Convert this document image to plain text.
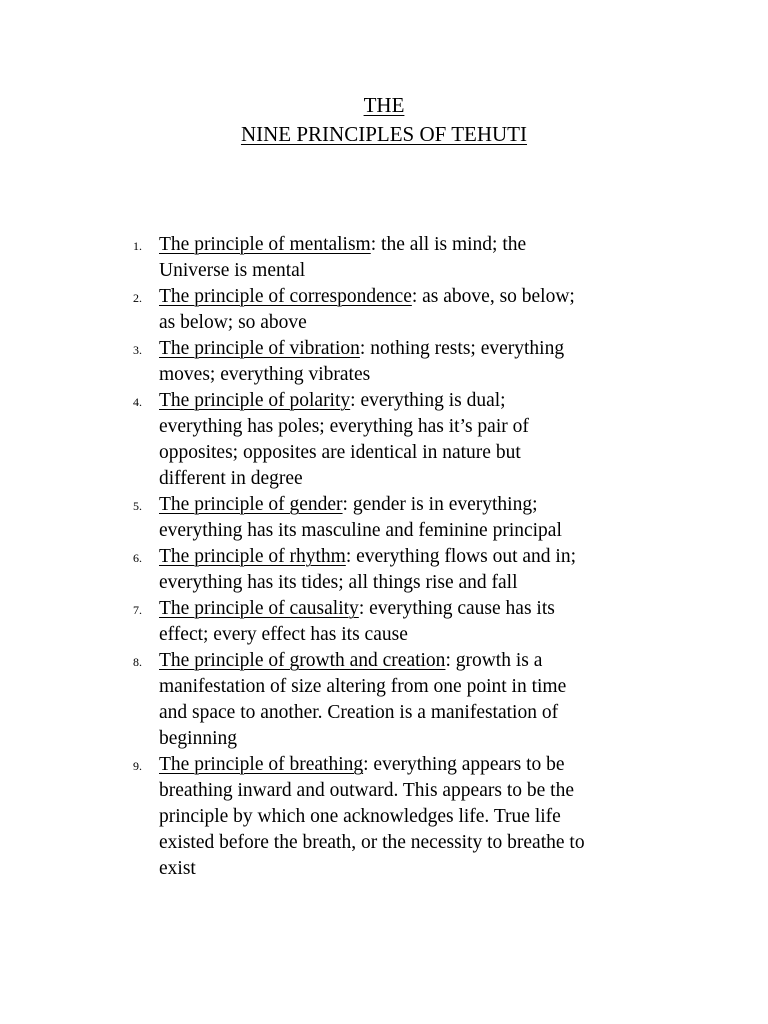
THE
NINE PRINCIPLES OF TEHUTI
1. The principle of mentalism: the all is mind; the
Universe is mental
2. The principle of correspondence: as above, so below;
as below; so above
3. The principle of vibration: nothing rests; everything
moves; everything vibrates
4. The principle of polarity: everything is dual;
everything has poles; everything has it’s pair of
opposites; opposites are identical in nature but
different in degree
5. The principle of gender: gender is in everything;
everything has its masculine and feminine principal
6. The principle of rhythm: everything flows out and in;
everything has its tides; all things rise and fall
7. The principle of causality: everything cause has its
effect; every effect has its cause
8. The principle of growth and creation: growth is a
manifestation of size altering from one point in time
and space to another. Creation is a manifestation of
beginning
9. The principle of breathing: everything appears to be
breathing inward and outward. This appears to be the
principle by which one acknowledges life. True life
existed before the breath, or the necessity to breathe to
exist
